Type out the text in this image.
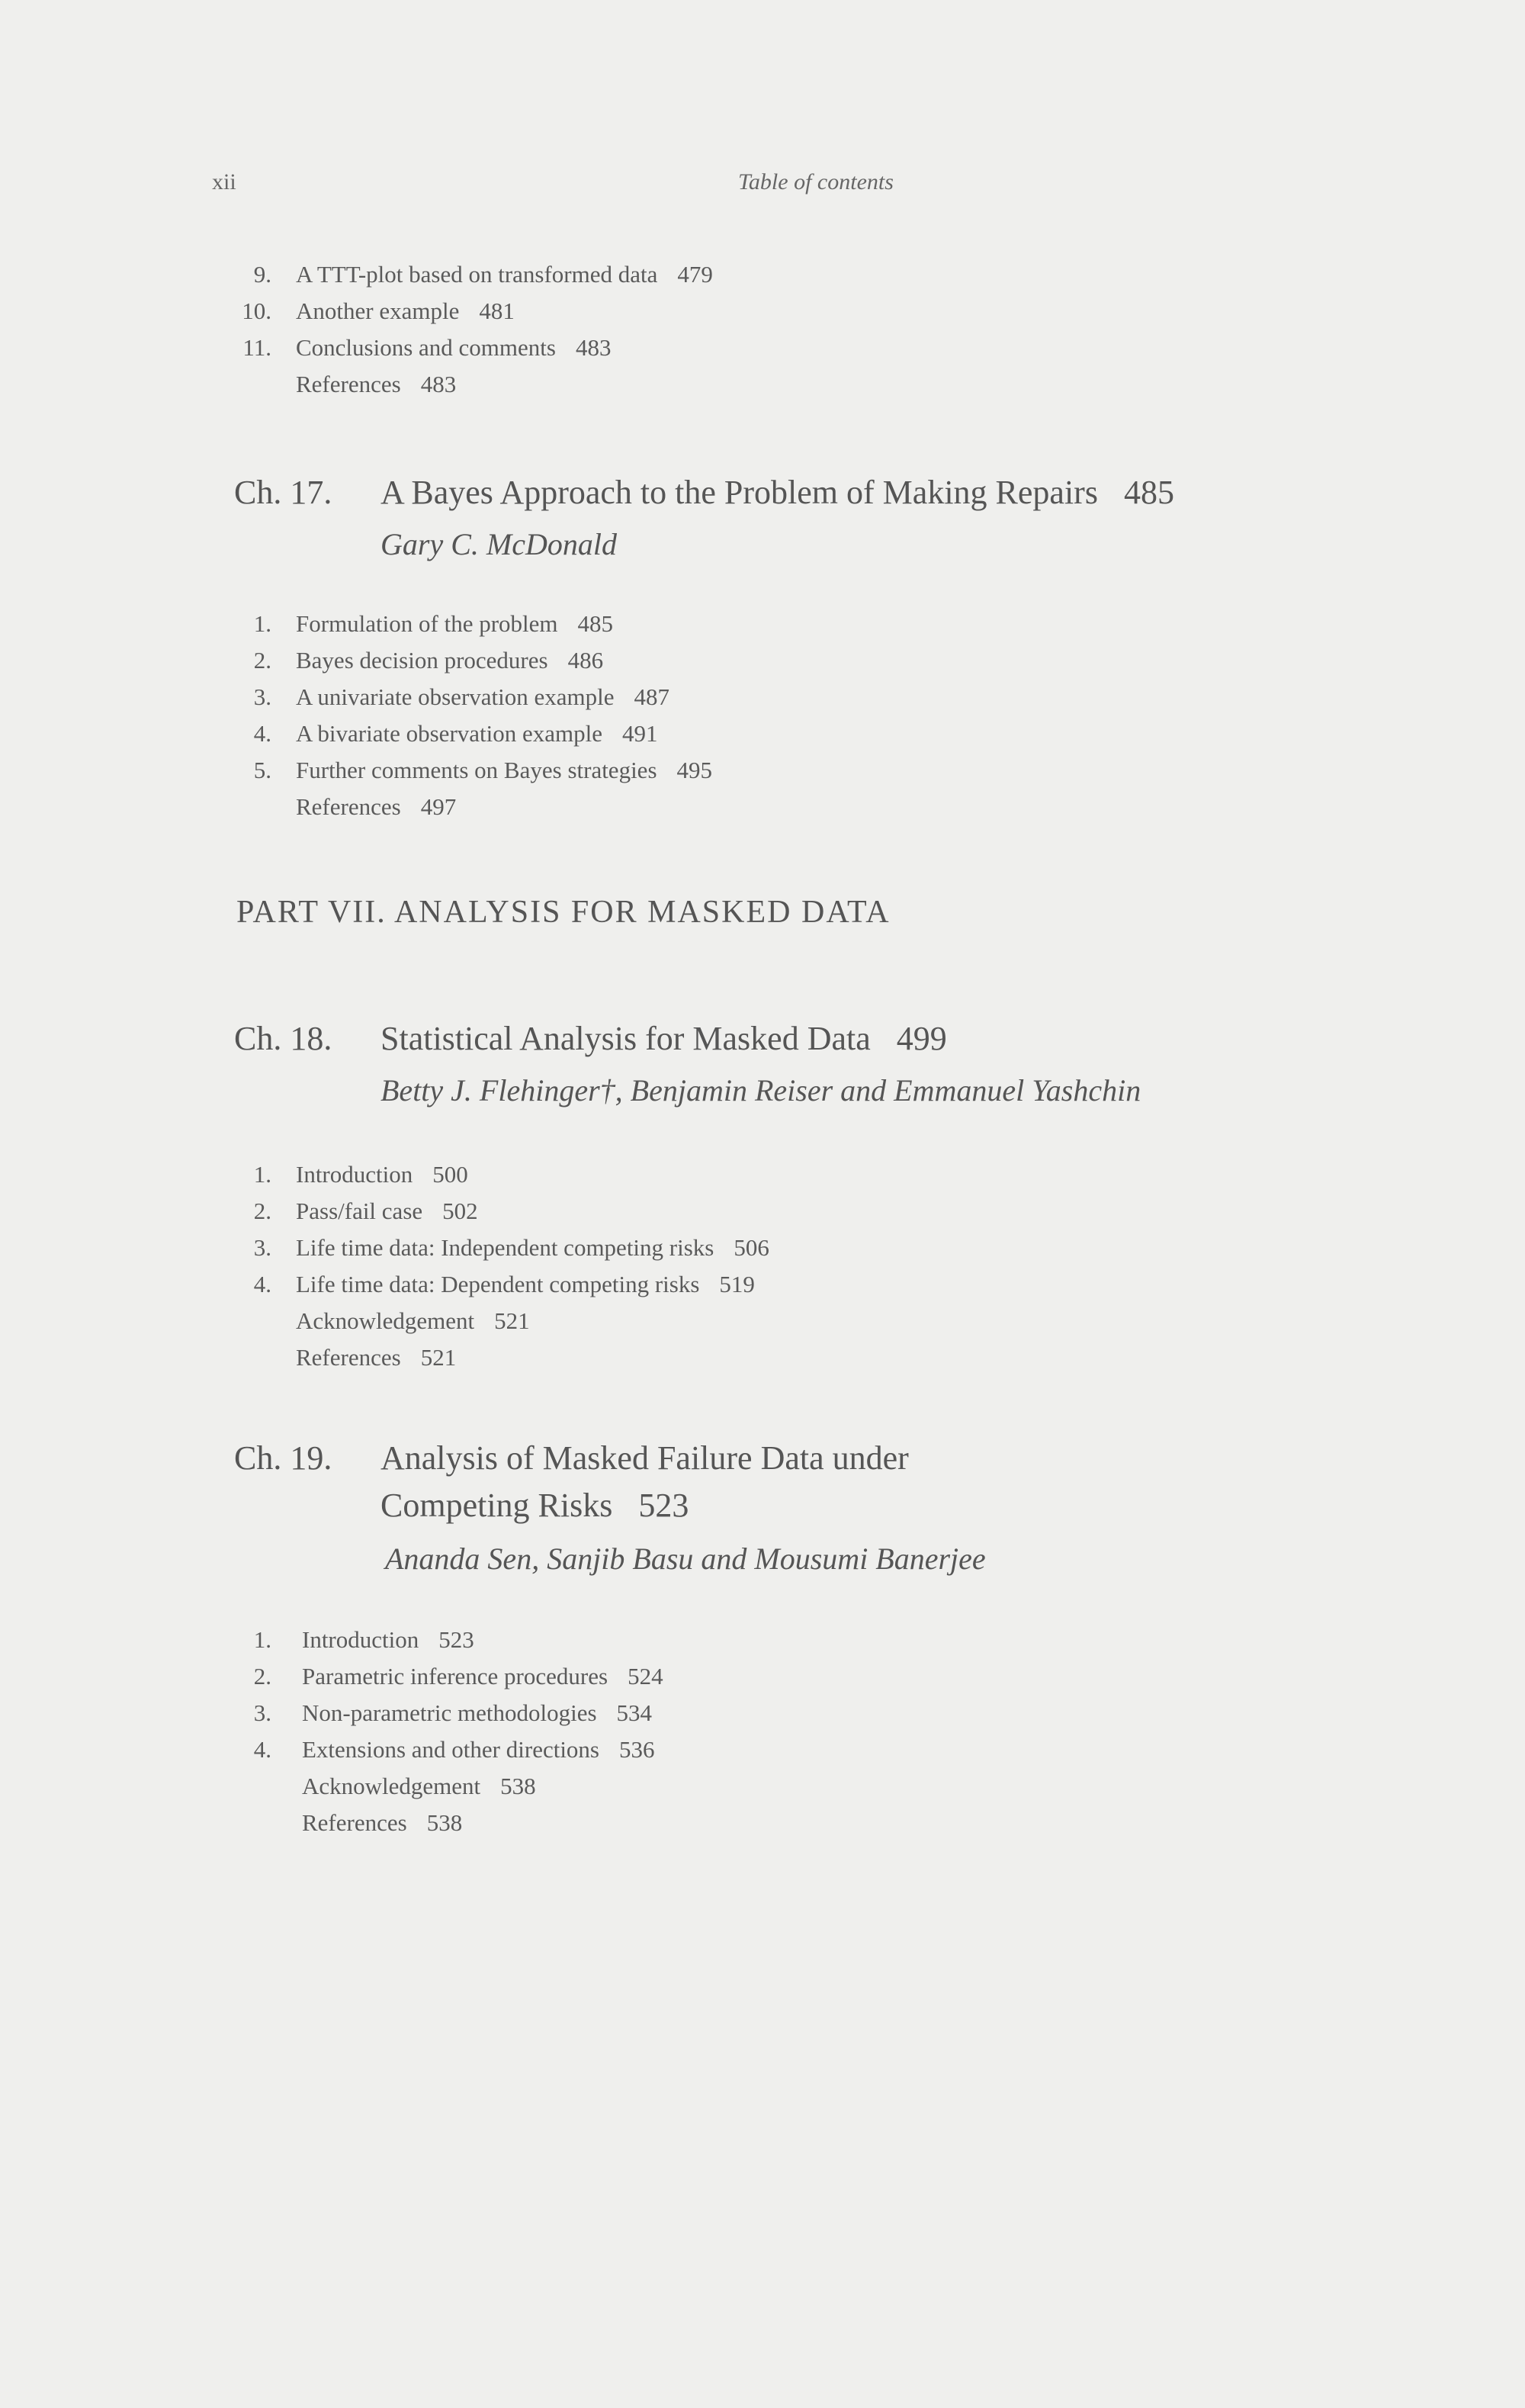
xii	Table of contents
9. A TTT-plot based on transformed data 479
10. Another example 481
11. Conclusions and comments 483
References 483
Ch. 17. A Bayes Approach to the Problem of Making Repairs 485
Gary C. McDonald
1. Formulation of the problem 485
2. Bayes decision procedures 486
3. A univariate observation example 487
4. A bivariate observation example 491
5. Further comments on Bayes strategies 495
References 497
PART VII. ANALYSIS FOR MASKED DATA
Ch. 18. Statistical Analysis for Masked Data 499
Betty J. Flehinger†, Benjamin Reiser and Emmanuel Yashchin
1. Introduction 500
2. Pass/fail case 502
3. Life time data: Independent competing risks 506
4. Life time data: Dependent competing risks 519
Acknowledgement 521
References 521
Ch. 19. Analysis of Masked Failure Data under
Competing Risks 523
Ananda Sen, Sanjib Basu and Mousumi Banerjee
1. Introduction 523
2. Parametric inference procedures 524
3. Non-parametric methodologies 534
4. Extensions and other directions 536
Acknowledgement 538
References 538
